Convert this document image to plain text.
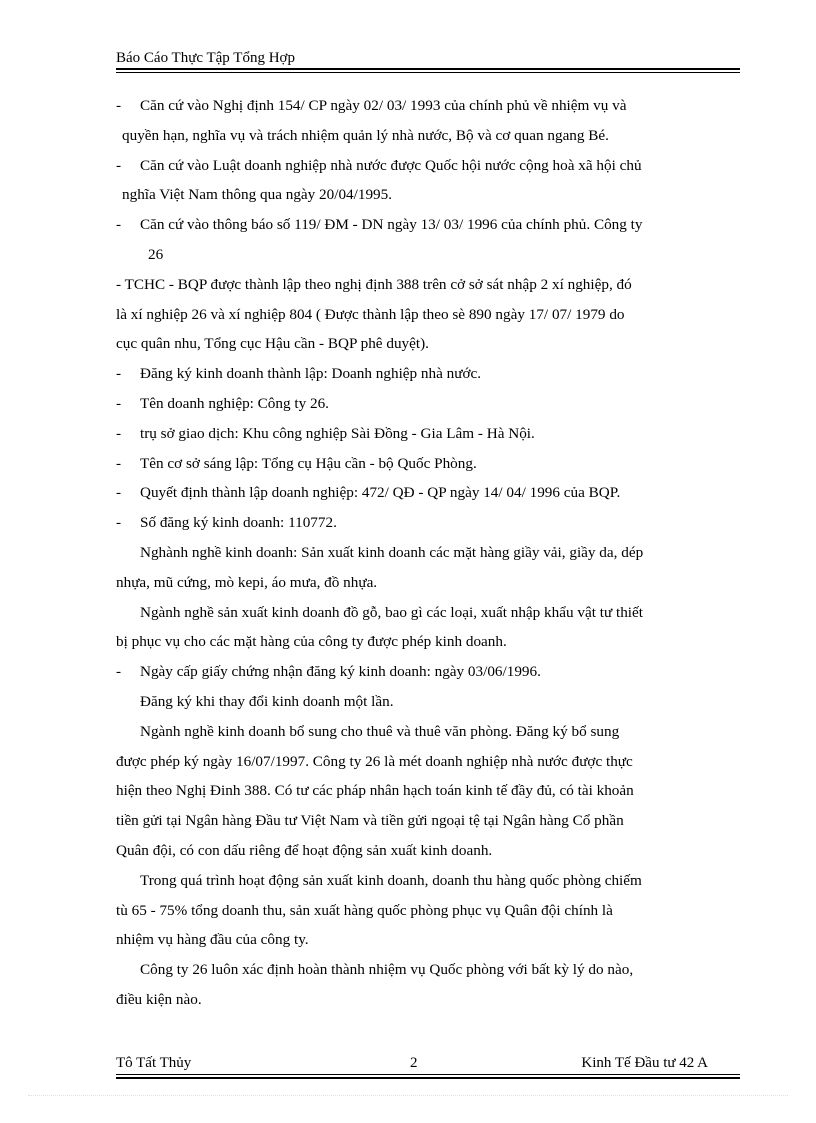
Báo Cáo Thực Tập Tổng Hợp
-	Căn cứ vào Nghị định 154/ CP ngày 02/ 03/ 1993 của chính phủ về nhiệm vụ và
quyền hạn, nghĩa vụ và trách nhiệm quản lý nhà nước, Bộ và cơ quan ngang Bé.
-	Căn cứ vào Luật doanh nghiệp nhà nước được Quốc hội nước cộng hoà xã hội chủ
nghĩa Việt Nam thông qua ngày 20/04/1995.
-	Căn cứ vào thông báo số 119/ ĐM - DN ngày 13/ 03/ 1996 của chính phủ. Công ty
26
- TCHC - BQP được thành lập theo nghị định 388 trên cở sở sát nhập 2 xí nghiệp, đó
là xí nghiệp 26 và xí nghiệp 804 ( Được thành lập theo sè 890 ngày 17/ 07/ 1979 do
cục quân nhu, Tổng cục Hậu cần - BQP phê duyệt).
-	Đăng ký kinh doanh thành lập: Doanh nghiệp nhà nước.
-	Tên doanh nghiệp: Công ty 26.
-	trụ sở giao dịch: Khu công nghiệp Sài Đồng - Gia Lâm - Hà Nội.
-	Tên cơ sở sáng lập: Tổng cụ Hậu cần - bộ Quốc Phòng.
-	Quyết định thành lập doanh nghiệp: 472/ QĐ - QP ngày 14/ 04/ 1996 của BQP.
-	Số đăng ký kinh doanh: 110772.
Nghành nghề kinh doanh: Sản xuất kinh doanh các mặt hàng giầy vải, giầy da, dép
nhựa, mũ cứng, mò kepi, áo mưa, đồ nhựa.
Ngành nghề sản xuất kinh doanh đồ gỗ, bao gì các loại, xuất nhập khẩu vật tư thiết
bị phục vụ cho các mặt hàng của công ty được phép kinh doanh.
-	Ngày cấp giấy chứng nhận đăng ký kinh doanh: ngày 03/06/1996.
Đăng ký khi thay đổi kinh doanh một lần.
Ngành nghề kinh doanh bổ sung cho thuê và thuê văn phòng. Đăng ký bổ sung
được phép ký ngày 16/07/1997. Công ty 26 là mét doanh nghiệp nhà nước được thực
hiện theo Nghị Đinh 388. Có tư các pháp nhân hạch toán kinh tế đầy đủ, có tài khoản
tiền gửi tại Ngân hàng Đầu tư Việt Nam và tiền gửi ngoại tệ tại Ngân hàng Cổ phần
Quân đội, có con dấu riêng để hoạt động sản xuất kinh doanh.
Trong quá trình hoạt động sản xuất kinh doanh, doanh thu hàng quốc phòng chiếm
tù 65 - 75% tổng doanh thu, sản xuất hàng quốc phòng phục vụ Quân đội chính là
nhiệm vụ hàng đầu của công ty.
Công ty 26 luôn xác định hoàn thành nhiệm vụ Quốc phòng với bất kỳ lý do nào,
điều kiện nào.
Tô Tất Thủy	2	Kinh Tế Đầu tư 42 A
